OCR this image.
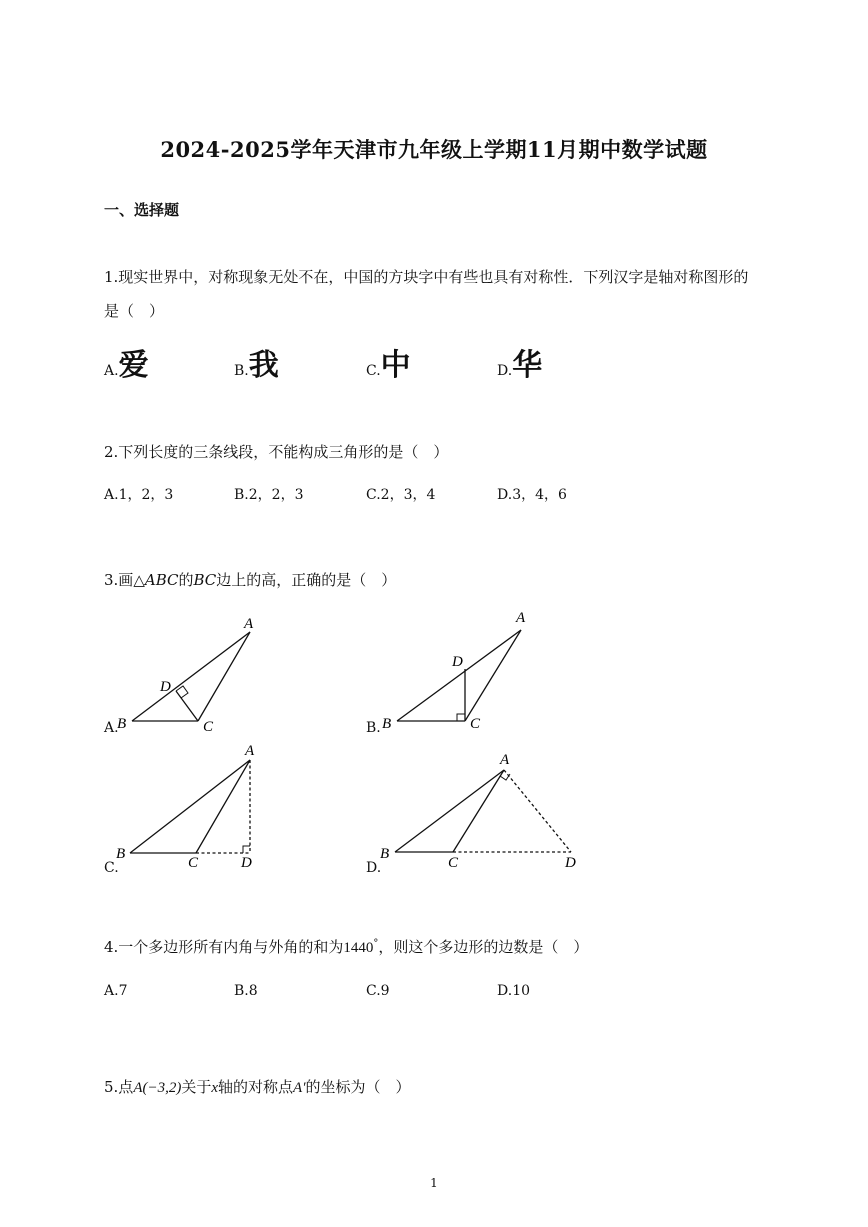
2024-2025学年天津市九年级上学期11月期中数学试题
一、选择题
1.现实世界中，对称现象无处不在，中国的方块字中有些也具有对称性．下列汉字是轴对称图形的
是（　）
A.爱	B.我	C.中	D.华
2.下列长度的三条线段，不能构成三角形的是（　）
A.1，2，3	B.2，2，3	C.2，3，4	D.3，4，6
3.画△ABC的BC边上的高，正确的是（　）
A.
A
B	C
D
B.
A
B	C
D
C.
A
B
C	D	D.
A
B
C	D
4.一个多边形所有内角与外角的和为1440°，则这个多边形的边数是（　）
A.7	B.8	C.9	D.10
5.点A(−3,2)关于x轴的对称点A′的坐标为（　）
1
